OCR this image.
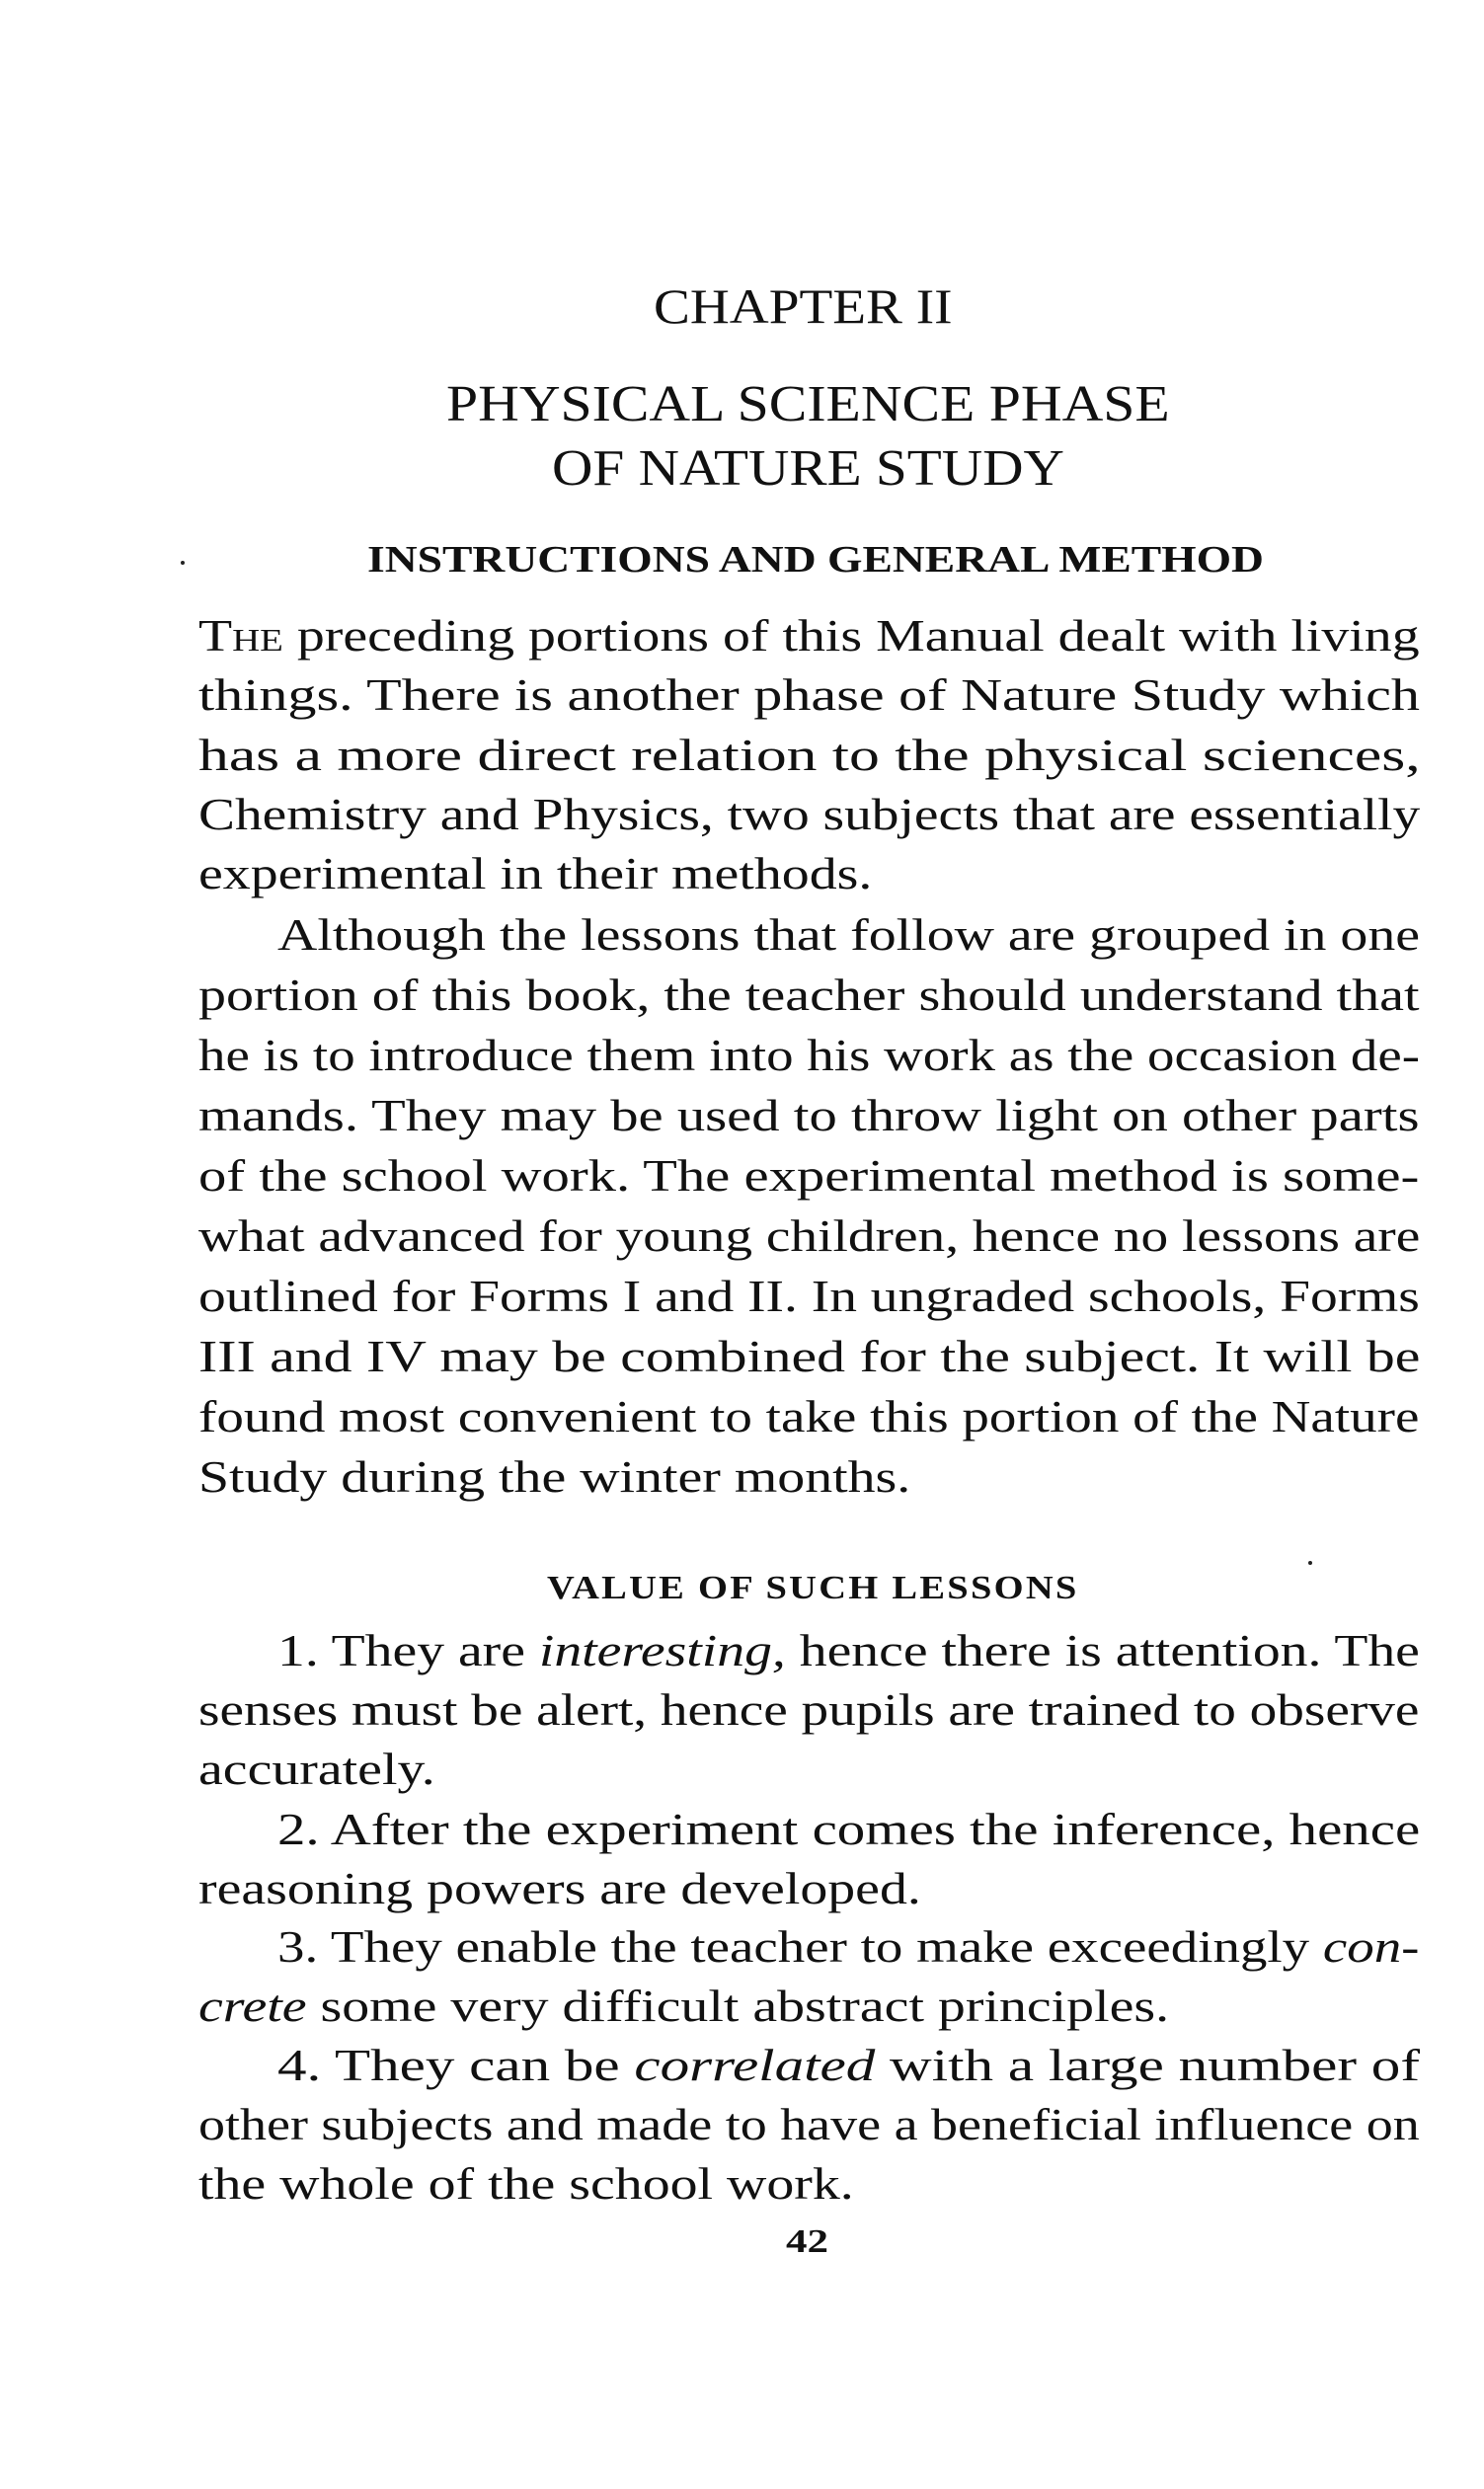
CHAPTER II
PHYSICAL SCIENCE PHASE
OF NATURE STUDY
INSTRUCTIONS AND GENERAL METHOD
The preceding portions of this Manual dealt with living
things. There is another phase of Nature Study which
has a more direct relation to the physical sciences,
Chemistry and Physics, two subjects that are essentially
experimental in their methods.
Although the lessons that follow are grouped in one
portion of this book, the teacher should understand that
he is to introduce them into his work as the occasion de-
mands. They may be used to throw light on other parts
of the school work. The experimental method is some-
what advanced for young children, hence no lessons are
outlined for Forms I and II. In ungraded schools, Forms
III and IV may be combined for the subject. It will be
found most convenient to take this portion of the Nature
Study during the winter months.
VALUE OF SUCH LESSONS
1. They are interesting, hence there is attention. The
senses must be alert, hence pupils are trained to observe
accurately.
2. After the experiment comes the inference, hence
reasoning powers are developed.
3. They enable the teacher to make exceedingly con-
crete some very difficult abstract principles.
4. They can be correlated with a large number of
other subjects and made to have a beneficial influence on
the whole of the school work.
42
